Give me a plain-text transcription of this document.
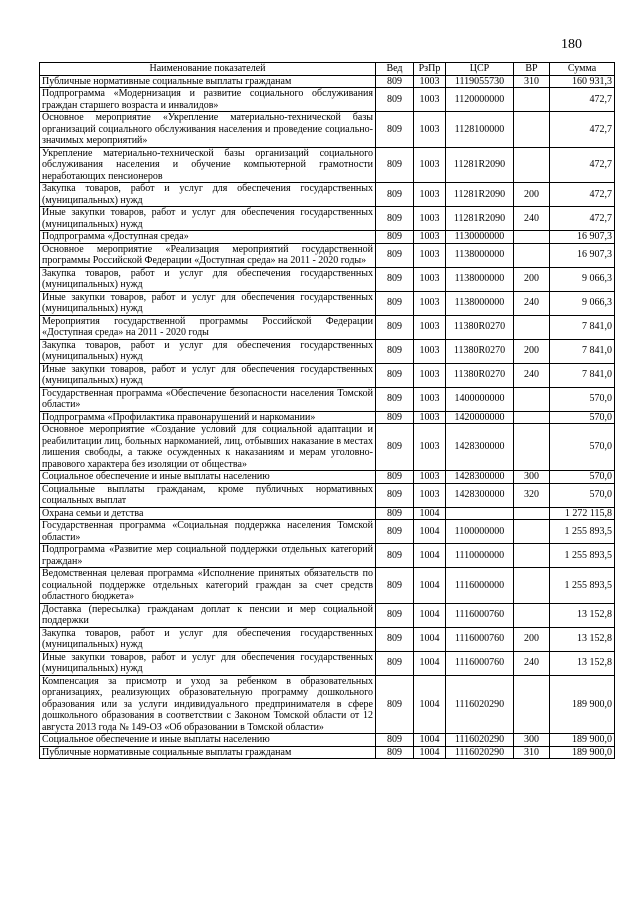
180
Наименование показателей	Вед	РзПр	ЦСР	ВР	Сумма
Публичные нормативные социальные выплаты гражданам	809	1003	1119055730	310	160 931,3
Подпрограмма «Модернизация и развитие социального обслуживания граждан старшего возраста и инвалидов»	809	1003	1120000000		472,7
Основное мероприятие «Укрепление материально-технической базы организаций социального обслуживания населения и проведение социально-значимых мероприятий»	809	1003	1128100000		472,7
Укрепление материально-технической базы организаций социального обслуживания населения и обучение компьютерной грамотности неработающих пенсионеров	809	1003	11281R2090		472,7
Закупка товаров, работ и услуг для обеспечения государственных (муниципальных) нужд	809	1003	11281R2090	200	472,7
Иные закупки товаров, работ и услуг для обеспечения государственных (муниципальных) нужд	809	1003	11281R2090	240	472,7
Подпрограмма «Доступная среда»	809	1003	1130000000		16 907,3
Основное мероприятие «Реализация мероприятий государственной программы Российской Федерации «Доступная среда» на 2011 - 2020 годы»	809	1003	1138000000		16 907,3
Закупка товаров, работ и услуг для обеспечения государственных (муниципальных) нужд	809	1003	1138000000	200	9 066,3
Иные закупки товаров, работ и услуг для обеспечения государственных (муниципальных) нужд	809	1003	1138000000	240	9 066,3
Мероприятия государственной программы Российской Федерации «Доступная среда» на 2011 - 2020 годы	809	1003	11380R0270		7 841,0
Закупка товаров, работ и услуг для обеспечения государственных (муниципальных) нужд	809	1003	11380R0270	200	7 841,0
Иные закупки товаров, работ и услуг для обеспечения государственных (муниципальных) нужд	809	1003	11380R0270	240	7 841,0
Государственная программа «Обеспечение безопасности населения Томской области»	809	1003	1400000000		570,0
Подпрограмма «Профилактика правонарушений и наркомании»	809	1003	1420000000		570,0
Основное мероприятие «Создание условий для социальной адаптации и реабилитации лиц, больных наркоманией, лиц, отбывших наказание в местах лишения свободы, а также осужденных к наказаниям и мерам уголовно-правового характера без изоляции от общества»	809	1003	1428300000		570,0
Социальное обеспечение и иные выплаты населению	809	1003	1428300000	300	570,0
Социальные выплаты гражданам, кроме публичных нормативных социальных выплат	809	1003	1428300000	320	570,0
Охрана семьи и детства	809	1004			1 272 115,8
Государственная программа «Социальная поддержка населения Томской области»	809	1004	1100000000		1 255 893,5
Подпрограмма «Развитие мер социальной поддержки отдельных категорий граждан»	809	1004	1110000000		1 255 893,5
Ведомственная целевая программа «Исполнение принятых обязательств по социальной поддержке отдельных категорий граждан за счет средств областного бюджета»	809	1004	1116000000		1 255 893,5
Доставка (пересылка) гражданам доплат к пенсии и мер социальной поддержки	809	1004	1116000760		13 152,8
Закупка товаров, работ и услуг для обеспечения государственных (муниципальных) нужд	809	1004	1116000760	200	13 152,8
Иные закупки товаров, работ и услуг для обеспечения государственных (муниципальных) нужд	809	1004	1116000760	240	13 152,8
Компенсация за присмотр и уход за ребенком в образовательных организациях, реализующих образовательную программу дошкольного образования или за услуги индивидуального предпринимателя в сфере дошкольного образования в соответствии с Законом Томской области от 12 августа 2013 года № 149-ОЗ «Об образовании в Томской области»	809	1004	1116020290		189 900,0
Социальное обеспечение и иные выплаты населению	809	1004	1116020290	300	189 900,0
Публичные нормативные социальные выплаты гражданам	809	1004	1116020290	310	189 900,0
